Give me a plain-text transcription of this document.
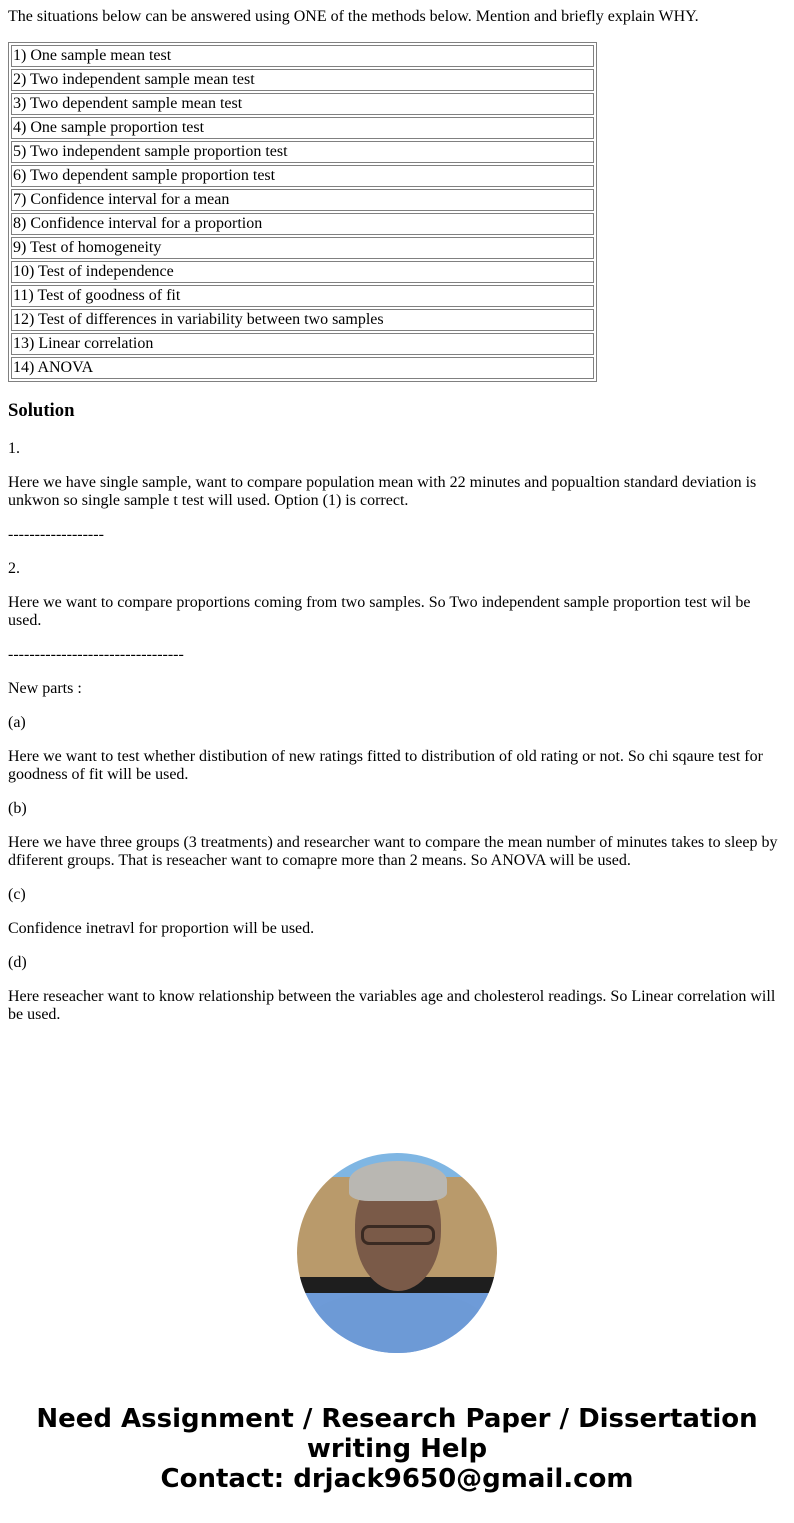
The situations below can be answered using ONE of the methods below. Mention and briefly explain WHY.

1) One sample mean test
2) Two independent sample mean test
3) Two dependent sample mean test
4) One sample proportion test
5) Two independent sample proportion test
6) Two dependent sample proportion test
7) Confidence interval for a mean
8) Confidence interval for a proportion
9) Test of homogeneity
10) Test of independence
11) Test of goodness of fit
12) Test of differences in variability between two samples
13) Linear correlation
14) ANOVA
Solution

1.

Here we have single sample, want to compare population mean with 22 minutes and popualtion standard deviation is unkwon so single sample t test will used. Option (1) is correct.

------------------

2.

Here we want to compare proportions coming from two samples. So Two independent sample proportion test wil be used.

---------------------------------

New parts :

(a)

Here we want to test whether distibution of new ratings fitted to distribution of old rating or not. So chi sqaure test for goodness of fit will be used.

(b)

Here we have three groups (3 treatments) and researcher want to compare the mean number of minutes takes to sleep by dfiferent groups. That is reseacher want to comapre more than 2 means. So ANOVA will be used.

(c)

Confidence inetravl for proportion will be used.

(d)

Here reseacher want to know relationship between the variables age and cholesterol readings. So Linear correlation will be used.

Need Assignment / Research Paper / Dissertation
writing Help
Contact: drjack9650@gmail.com
